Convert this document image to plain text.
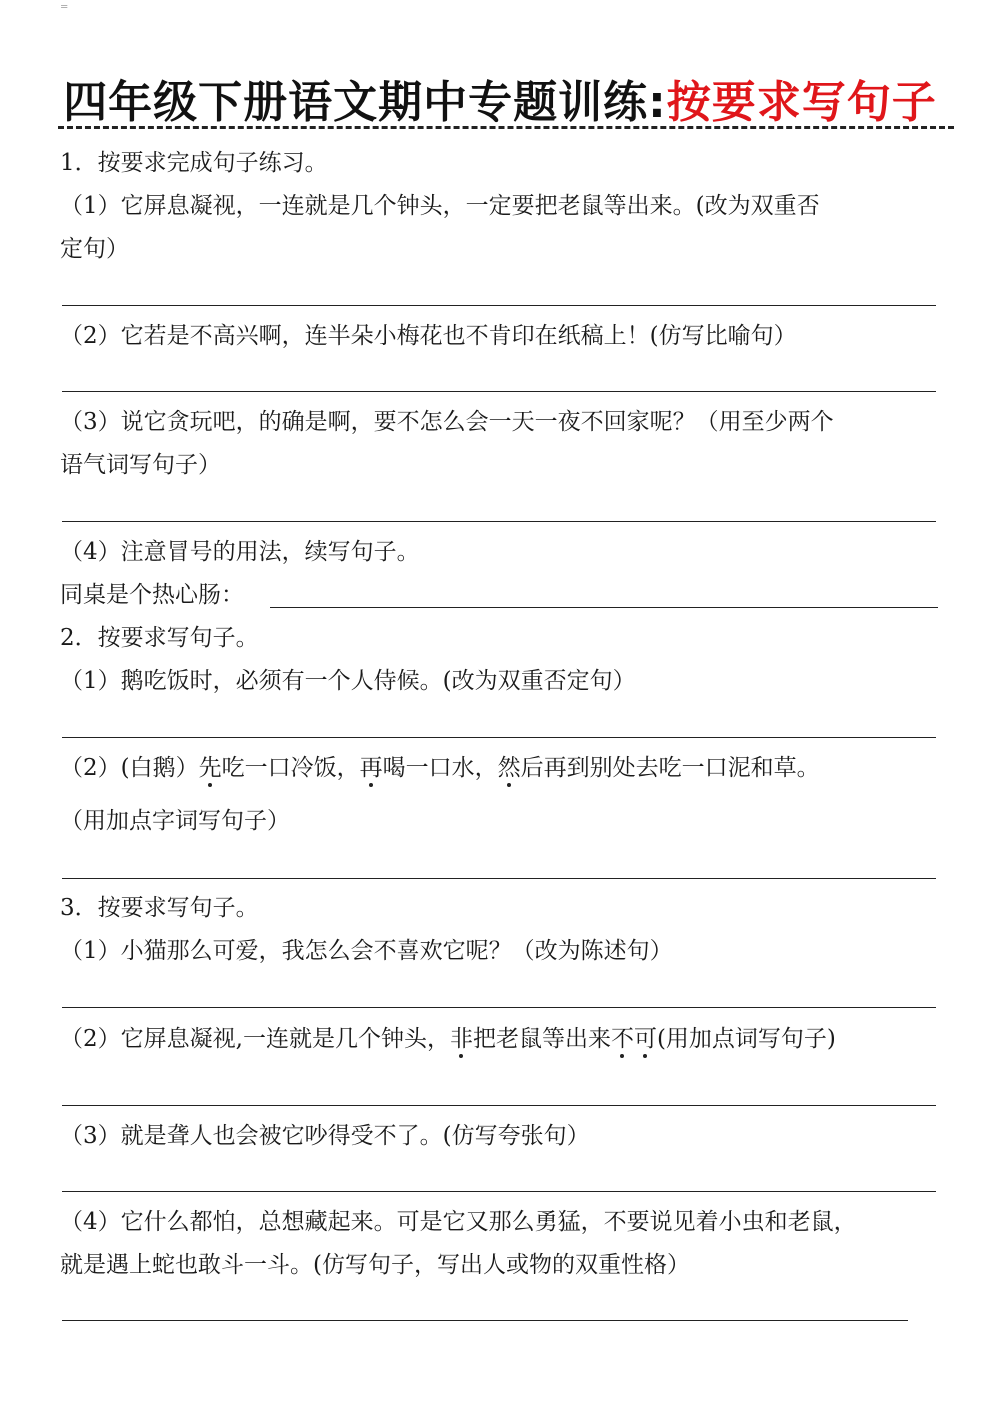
=
四年级下册语文期中专题训练:按要求写句子
1．按要求完成句子练习。
（1）它屏息凝视，一连就是几个钟头，一定要把老鼠等出来。(改为双重否
定句）
（2）它若是不高兴啊，连半朵小梅花也不肯印在纸稿上！(仿写比喻句）
（3）说它贪玩吧，的确是啊，要不怎么会一天一夜不回家呢？（用至少两个
语气词写句子）
（4）注意冒号的用法，续写句子。
同桌是个热心肠：
2．按要求写句子。
（1）鹅吃饭时，必须有一个人侍候。(改为双重否定句）
（2）(白鹅）先吃一口冷饭，再喝一口水，然后再到别处去吃一口泥和草。
（用加点字词写句子）
3．按要求写句子。
（1）小猫那么可爱，我怎么会不喜欢它呢？（改为陈述句）
（2）它屏息凝视,一连就是几个钟头，非把老鼠等出来不可(用加点词写句子)
（3）就是聋人也会被它吵得受不了。(仿写夸张句）
（4）它什么都怕，总想藏起来。可是它又那么勇猛，不要说见着小虫和老鼠，
就是遇上蛇也敢斗一斗。(仿写句子，写出人或物的双重性格）
